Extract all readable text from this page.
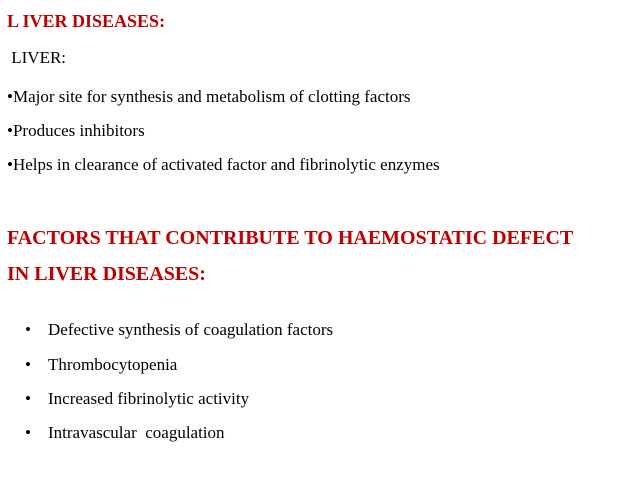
L IVER DISEASES:
LIVER:
•Major site for synthesis and metabolism of clotting factors
•Produces inhibitors
•Helps in clearance of activated factor and fibrinolytic enzymes
FACTORS THAT CONTRIBUTE TO HAEMOSTATIC DEFECT
IN LIVER DISEASES:

• Defective synthesis of coagulation factors

• Thrombocytopenia

• Increased fibrinolytic activity

• Intravascular  coagulation
